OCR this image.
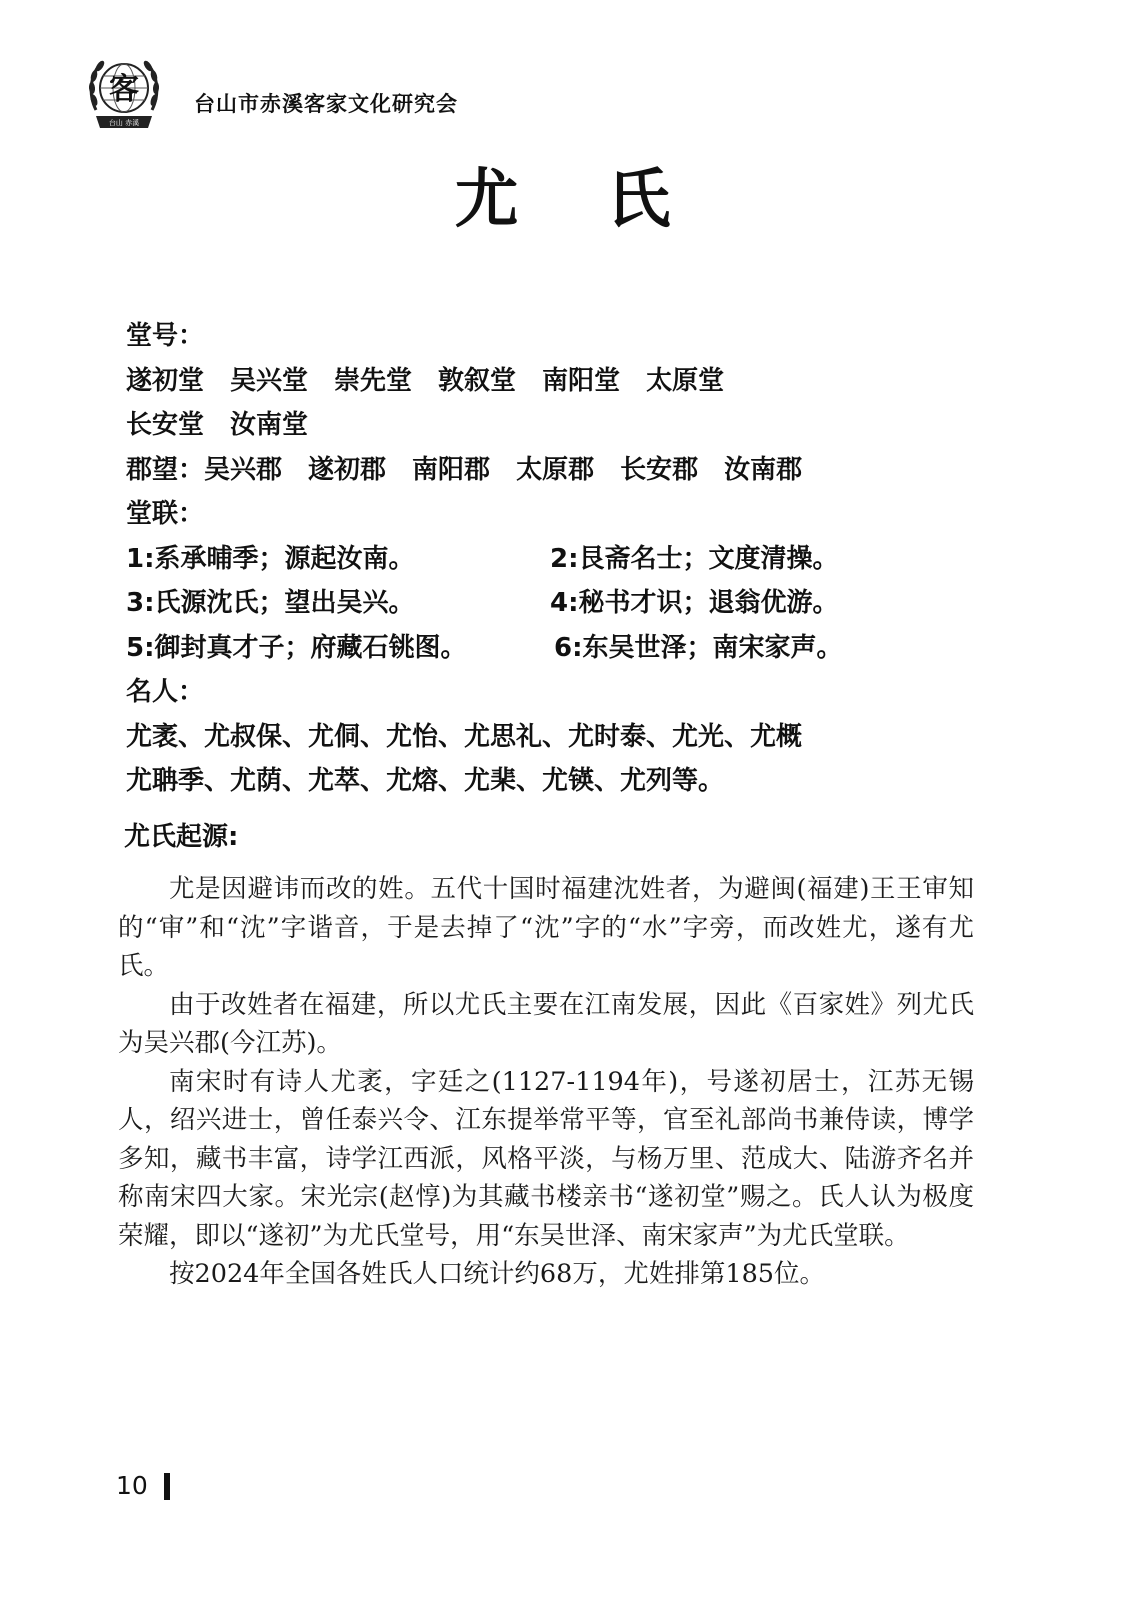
客
台山 赤溪
台山市赤溪客家文化研究会
尤 氏
堂号：
遂初堂 吴兴堂 崇先堂 敦叙堂 南阳堂 太原堂
长安堂 汝南堂
郡望：吴兴郡 遂初郡 南阳郡 太原郡 长安郡 汝南郡
堂联：
1:系承晡季；源起汝南。	2:艮斋名士；文度清操。
3:氏源沈氏；望出吴兴。	4:秘书才识；退翁优游。
5:御封真才子；府藏石铫图。	6:东吴世泽；南宋家声。
名人：
尤袤、尤叔保、尤侗、尤怡、尤思礼、尤时泰、尤光、尤概
尤聃季、尤荫、尤萃、尤熔、尤棐、尤锳、尤列等。
尤氏起源:

尤是因避讳而改的姓。五代十国时福建沈姓者，为避闽(福建)王王审知的“审”和“沈”字谐音，于是去掉了“沈”字的“水”字旁，而改姓尤，遂有尤氏。

由于改姓者在福建，所以尤氏主要在江南发展，因此《百家姓》列尤氏为吴兴郡(今江苏)。

南宋时有诗人尤袤，字廷之(1127-1194年)，号遂初居士，江苏无锡人，绍兴进士，曾任泰兴令、江东提举常平等，官至礼部尚书兼侍读，博学多知，藏书丰富，诗学江西派，风格平淡，与杨万里、范成大、陆游齐名并称南宋四大家。宋光宗(赵惇)为其藏书楼亲书“遂初堂”赐之。氏人认为极度荣耀，即以“遂初”为尤氏堂号，用“东吴世泽、南宋家声”为尤氏堂联。

按2024年全国各姓氏人口统计约68万，尤姓排第185位。

10
